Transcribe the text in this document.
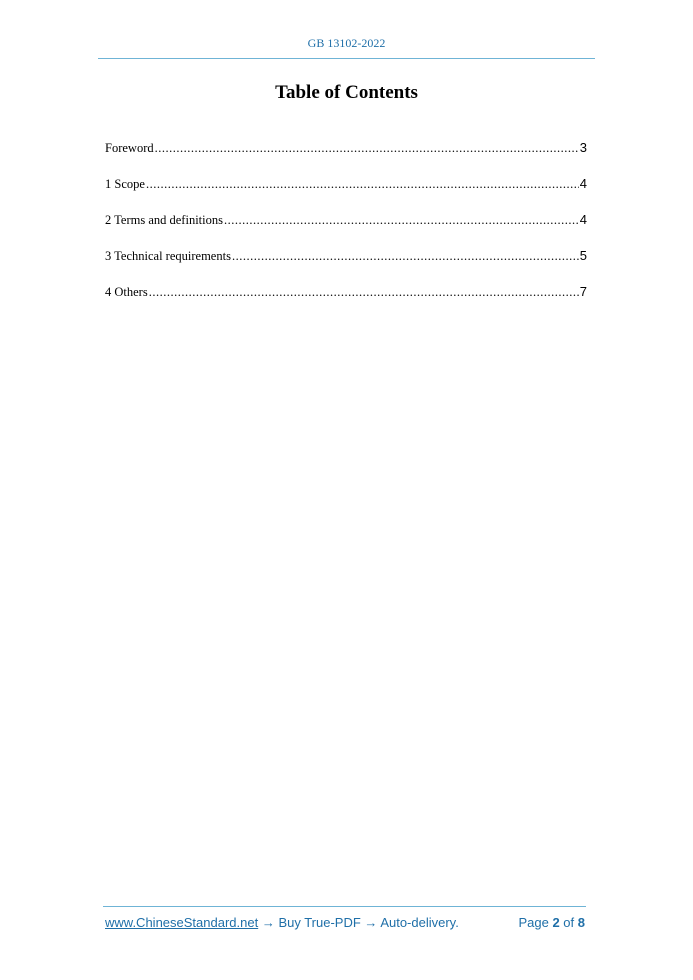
GB 13102-2022
Table of Contents
Foreword .....	3
1 Scope .....	4
2 Terms and definitions .....	4
3 Technical requirements .....	5
4 Others .....	7
www.ChineseStandard.net → Buy True-PDF → Auto-delivery.	Page 2 of 8
